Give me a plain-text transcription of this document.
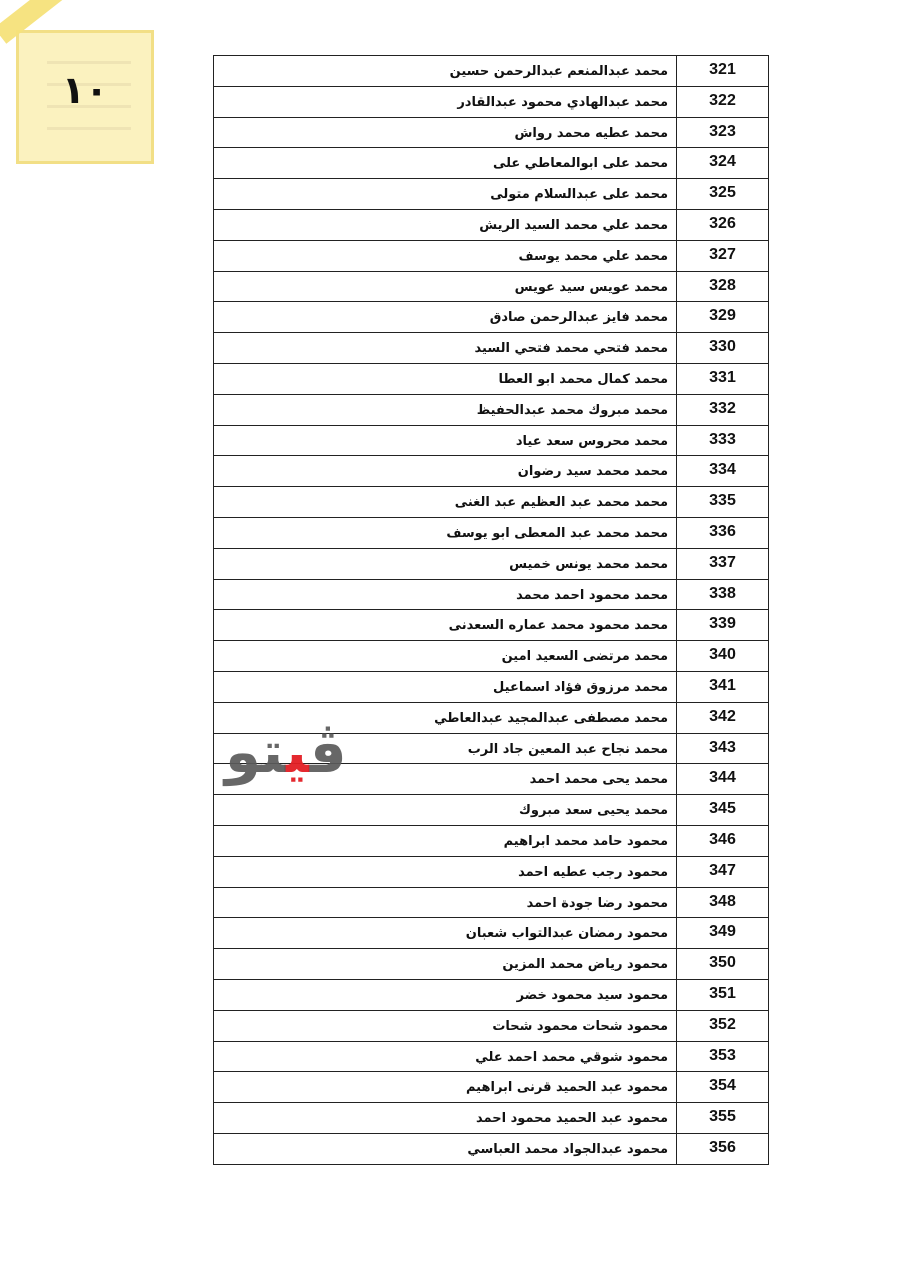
١٠	محمد عبدالمنعم عبدالرحمن حسين	321
محمد عبدالهادي محمود عبدالقادر	322
محمد عطيه محمد رواش	323
محمد على ابوالمعاطي على	324
محمد على عبدالسلام متولى	325
محمد علي محمد السيد الريش	326
محمد علي محمد يوسف	327
محمد عويس سيد عويس	328
محمد فايز عبدالرحمن صادق	329
محمد فتحي محمد فتحي السيد	330
محمد كمال محمد ابو العطا	331
محمد مبروك محمد عبدالحفيظ	332
محمد محروس سعد عياد	333
محمد محمد سيد رضوان	334
محمد محمد عبد العظيم عبد الغنى	335
محمد محمد عبد المعطى ابو يوسف	336
محمد محمد يونس خميس	337
محمد محمود احمد محمد	338
محمد محمود محمد عماره السعدنى	339
محمد مرتضى السعيد امين	340
محمد مرزوق فؤاد اسماعيل	341
محمد مصطفى عبدالمجيد عبدالعاطي	342
محمد نجاح عبد المعين جاد الرب	343
محمد يحى محمد احمد	344
محمد يحيى سعد مبروك	345
محمود حامد محمد ابراهيم	346
محمود رجب عطيه احمد	347
محمود رضا جودة احمد	348
محمود رمضان عبدالتواب شعبان	349
محمود رياض محمد المزين	350
محمود سيد محمود خضر	351
محمود شحات محمود شحات	352
محمود شوقي محمد احمد علي	353
محمود عبد الحميد قرنى ابراهيم	354
محمود عبد الحميد محمود احمد	355
محمود عبدالجواد محمد العباسي	356
ڤيتو
